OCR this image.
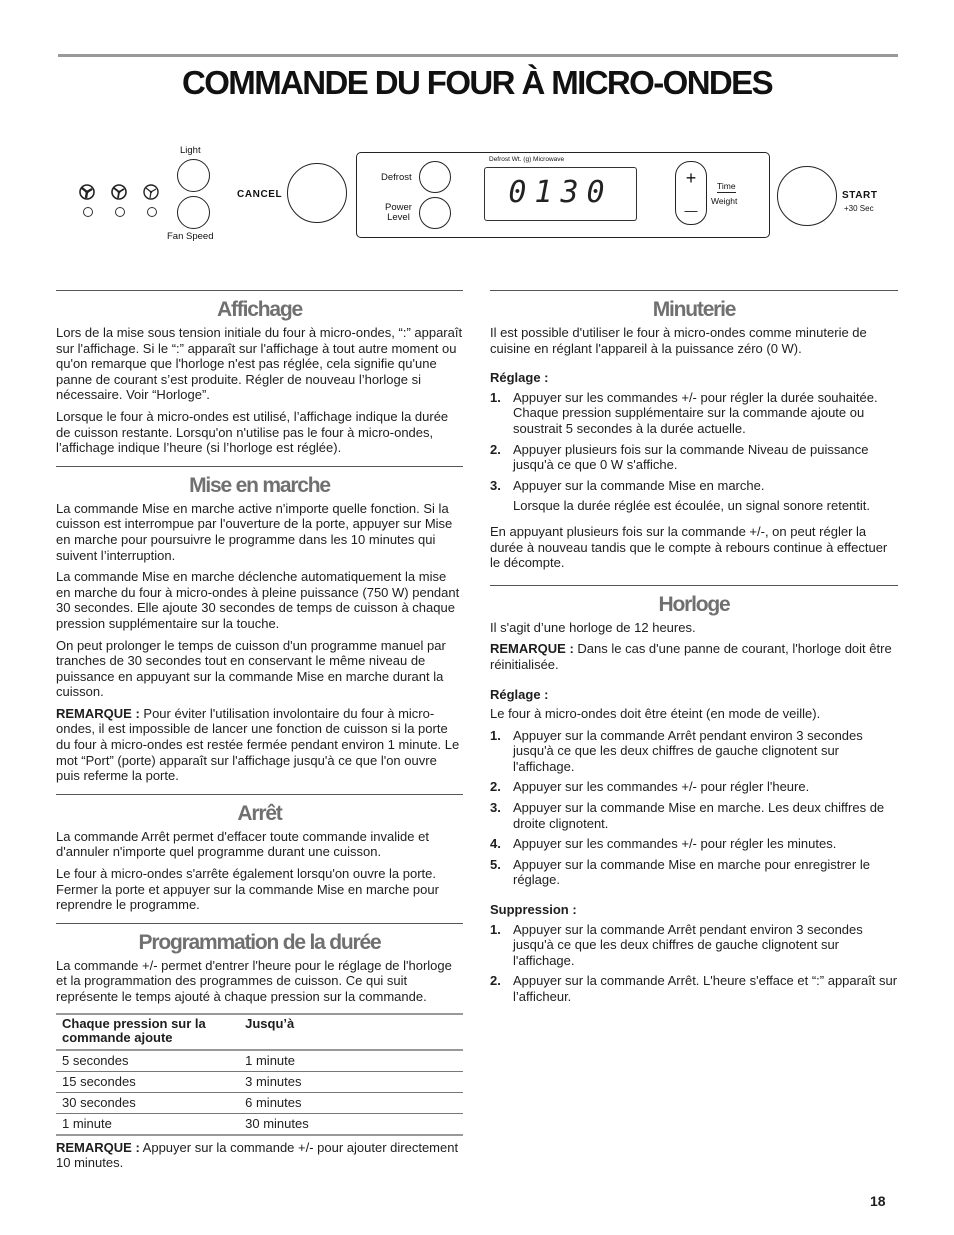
COMMANDE DU FOUR À MICRO-ONDES
Light
Fan Speed
CANCEL
Defrost
Power
Level
Defrost Wt. (g) Microwave
0130	+
—
Time
Weight	START
+30 Sec
Affichage

Lors de la mise sous tension initiale du four à micro-ondes, “:” apparaît sur l'affichage. Si le “:” apparaît sur l'affichage à tout autre moment ou qu'on remarque que l'horloge n'est pas réglée, cela signifie qu'une panne de courant s’est produite. Régler de nouveau l’horloge si nécessaire. Voir “Horloge”.

Lorsque le four à micro-ondes est utilisé, l’affichage indique la durée de cuisson restante. Lorsqu'on n'utilise pas le four à micro-ondes, l’affichage indique l’heure (si l’horloge est réglée).

Mise en marche

La commande Mise en marche active n'importe quelle fonction. Si la cuisson est interrompue par l'ouverture de la porte, appuyer sur Mise en marche pour poursuivre le programme dans les 10 minutes qui suivent l’interruption.

La commande Mise en marche déclenche automatiquement la mise en marche du four à micro-ondes à pleine puissance (750 W) pendant 30 secondes. Elle ajoute 30 secondes de temps de cuisson à chaque pression supplémentaire sur la touche.

On peut prolonger le temps de cuisson d'un programme manuel par tranches de 30 secondes tout en conservant le même niveau de puissance en appuyant sur la commande Mise en marche durant la cuisson.

REMARQUE : Pour éviter l'utilisation involontaire du four à micro-ondes, il est impossible de lancer une fonction de cuisson si la porte du four à micro-ondes est restée fermée pendant environ 1 minute. Le mot “Port” (porte) apparaît sur l'affichage jusqu'à ce que l'on ouvre puis referme la porte.

Arrêt

La commande Arrêt permet d'effacer toute commande invalide et d'annuler n'importe quel programme durant une cuisson.

Le four à micro-ondes s'arrête également lorsqu'on ouvre la porte. Fermer la porte et appuyer sur la commande Mise en marche pour reprendre le programme.

Programmation de la durée

La commande +/- permet d'entrer l'heure pour le réglage de l'horloge et la programmation des programmes de cuisson. Ce qui suit représente le temps ajouté à chaque pression sur la commande.

Chaque pression sur la commande ajoute	Jusqu’à
5 secondes	1 minute
15 secondes	3 minutes
30 secondes	6 minutes
1 minute	30 minutes

REMARQUE : Appuyer sur la commande +/- pour ajouter directement 10 minutes.

Minuterie

Il est possible d'utiliser le four à micro-ondes comme minuterie de cuisine en réglant l'appareil à la puissance zéro (0 W).

Réglage :
1. Appuyer sur les commandes +/- pour régler la durée souhaitée. Chaque pression supplémentaire sur la commande ajoute ou soustrait 5 secondes à la durée actuelle.
2. Appuyer plusieurs fois sur la commande Niveau de puissance jusqu'à ce que 0 W s'affiche.
3. Appuyer sur la commande Mise en marche.

Lorsque la durée réglée est écoulée, un signal sonore retentit.

En appuyant plusieurs fois sur la commande +/-, on peut régler la durée à nouveau tandis que le compte à rebours continue à effectuer le décompte.

Horloge

Il s'agit d’une horloge de 12 heures.

REMARQUE : Dans le cas d'une panne de courant, l'horloge doit être réinitialisée.

Réglage :

Le four à micro-ondes doit être éteint (en mode de veille).

1. Appuyer sur la commande Arrêt pendant environ 3 secondes jusqu'à ce que les deux chiffres de gauche clignotent sur l'affichage.
2. Appuyer sur les commandes +/- pour régler l'heure.
3. Appuyer sur la commande Mise en marche. Les deux chiffres de droite clignotent.
4. Appuyer sur les commandes +/- pour régler les minutes.
5. Appuyer sur la commande Mise en marche pour enregistrer le réglage.
Suppression :
1. Appuyer sur la commande Arrêt pendant environ 3 secondes jusqu'à ce que les deux chiffres de gauche clignotent sur l'affichage.
2. Appuyer sur la commande Arrêt. L'heure s'efface et “:” apparaît sur l’afficheur.
18
